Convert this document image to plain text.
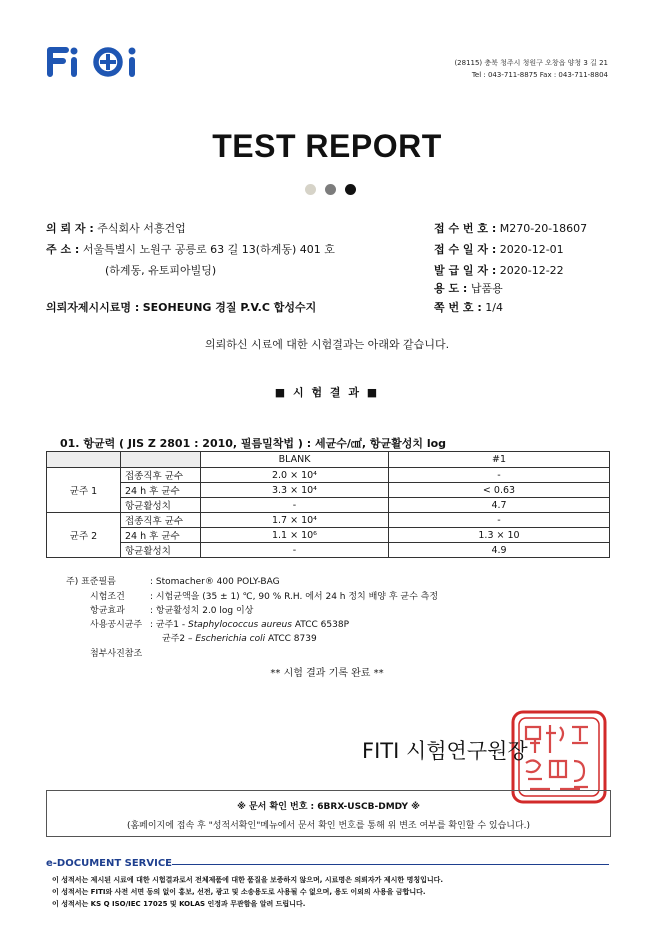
(28115) 충북 청주시 청원구 오창읍 양청 3 길 21
Tel : 043-711-8875 Fax : 043-711-8804
TEST REPORT
의 뢰 자 : 주식회사 서흥건업
주 소 : 서울특별시 노원구 공릉로 63 길 13(하계동) 401 호
(하계동, 유토피아빌딩)
의뢰자제시시료명 : SEOHEUNG 경질 P.V.C 합성수지
접 수 번 호 : M270-20-18607
접 수 일 자 : 2020-12-01
발 급 일 자 : 2020-12-22
용 도 : 납품용
쪽 번 호 : 1/4
의뢰하신 시료에 대한 시험결과는 아래와 같습니다.
■ 시 험 결 과 ■
01. 항균력 ( JIS Z 2801 : 2010, 필름밀착법 ) : 세균수/㎠, 항균활성치 log
		BLANK	#1
균주 1	접종직후 균수	2.0 × 10⁴	-
	24 h 후 균수	3.3 × 10⁴	< 0.63
	항균활성치	-	4.7
균주 2	접종직후 균수	1.7 × 10⁴	-
	24 h 후 균수	1.1 × 10⁶	1.3 × 10
	항균활성치	-	4.9
주) 표준필름	: Stomacher® 400 POLY-BAG
시험조건	: 시험균액을 (35 ± 1) ℃, 90 % R.H. 에서 24 h 정치 배양 후 균수 측정
항균효과	: 항균활성치 2.0 log 이상
사용공시균주 : 균주1 - Staphylococcus aureus ATCC 6538P
균주2 – Escherichia coli ATCC 8739
첨부사진참조
** 시험 결과 기록 완료 **
FITI 시험연구원장
※ 문서 확인 번호 : 6BRX-USCB-DMDY ※
(홈페이지에 접속 후 "성적서확인"메뉴에서 문서 확인 번호를 통해 위 변조 여부를 확인할 수 있습니다.)
e-DOCUMENT SERVICE
이 성적서는 제시된 시료에 대한 시험결과로서 전체제품에 대한 품질을 보증하지 않으며, 시료명은 의뢰자가 제시한 명칭입니다.
이 성적서는 FITI와 사전 서면 동의 없이 홍보, 선전, 광고 및 소송용도로 사용될 수 없으며, 용도 이외의 사용을 금합니다.
이 성적서는 KS Q ISO/IEC 17025 및 KOLAS 인정과 무관함을 알려 드립니다.
